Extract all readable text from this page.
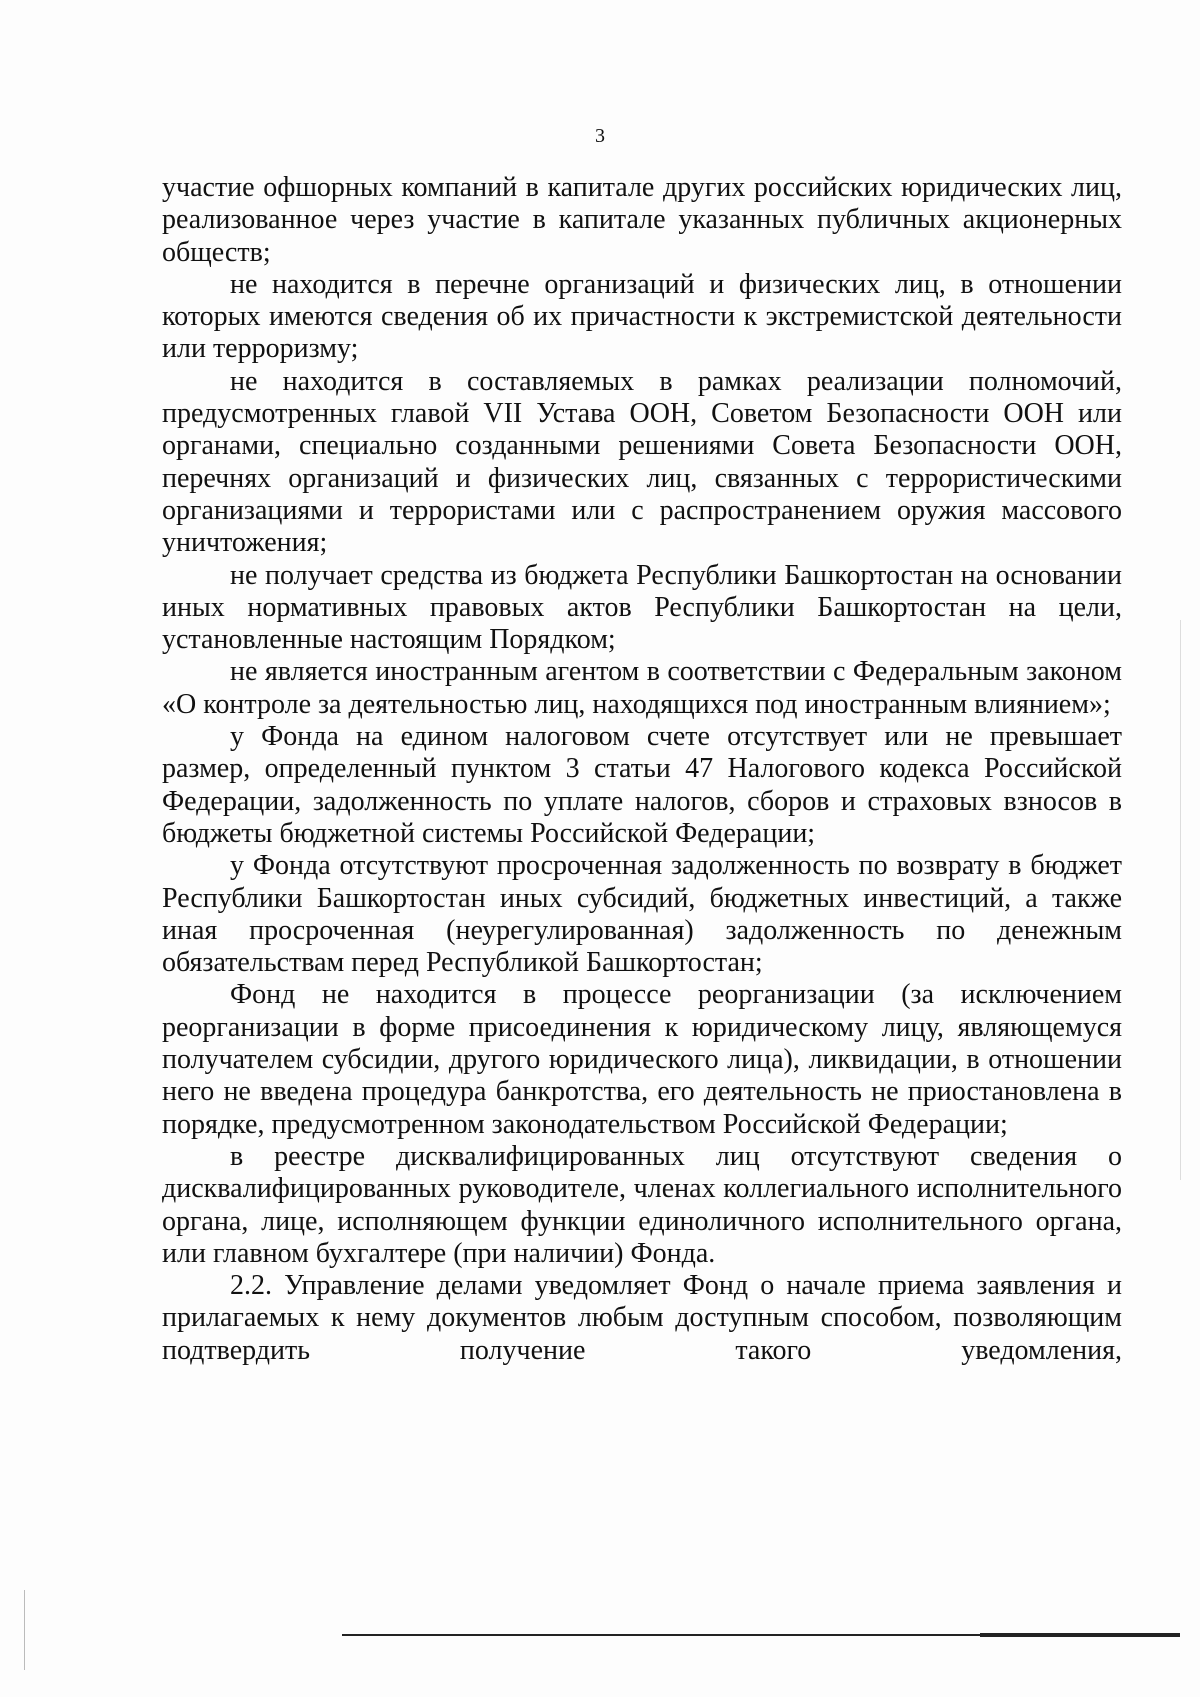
3

участие офшорных компаний в капитале других российских юридических лиц, реализованное через участие в капитале указанных публичных акционерных обществ;

не находится в перечне организаций и физических лиц, в отношении которых имеются сведения об их причастности к экстремистской деятельности или терроризму;

не находится в составляемых в рамках реализации полномочий, предусмотренных главой VII Устава ООН, Советом Безопасности ООН или органами, специально созданными решениями Совета Безопасности ООН, перечнях организаций и физических лиц, связанных с террористическими организациями и террористами или с распространением оружия массового уничтожения;

не получает средства из бюджета Республики Башкортостан на основании иных нормативных правовых актов Республики Башкортостан на цели, установленные настоящим Порядком;

не является иностранным агентом в соответствии с Федеральным законом «О контроле за деятельностью лиц, находящихся под иностранным влиянием»;

у Фонда на едином налоговом счете отсутствует или не превышает размер, определенный пунктом 3 статьи 47 Налогового кодекса Российской Федерации, задолженность по уплате налогов, сборов и страховых взносов в бюджеты бюджетной системы Российской Федерации;

у Фонда отсутствуют просроченная задолженность по возврату в бюджет Республики Башкортостан иных субсидий, бюджетных инвестиций, а также иная просроченная (неурегулированная) задолженность по денежным обязательствам перед Республикой Башкортостан;

Фонд не находится в процессе реорганизации (за исключением реорганизации в форме присоединения к юридическому лицу, являющемуся получателем субсидии, другого юридического лица), ликвидации, в отношении него не введена процедура банкротства, его деятельность не приостановлена в порядке, предусмотренном законодательством Российской Федерации;

в реестре дисквалифицированных лиц отсутствуют сведения о дисквалифицированных руководителе, членах коллегиального исполнительного органа, лице, исполняющем функции единоличного исполнительного органа, или главном бухгалтере (при наличии) Фонда.

2.2. Управление делами уведомляет Фонд о начале приема заявления и прилагаемых к нему документов любым доступным способом, позволяющим подтвердить получение такого уведомления,
